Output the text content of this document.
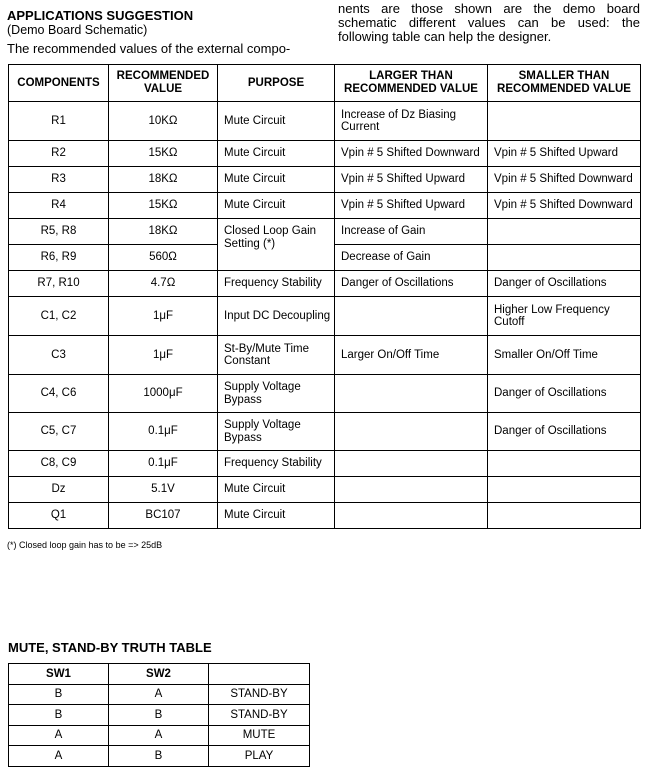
APPLICATIONS SUGGESTION
(Demo Board Schematic)
The recommended values of the external compo-
nents are those shown are the demo board schematic different values can be used: the following table can help the designer.
COMPONENTS	RECOMMENDED VALUE	PURPOSE	LARGER THAN RECOMMENDED VALUE	SMALLER THAN RECOMMENDED VALUE
R1	10KΩ	Mute Circuit	Increase of Dz Biasing Current	
R2	15KΩ	Mute Circuit	Vpin # 5 Shifted Downward	Vpin # 5 Shifted Upward
R3	18KΩ	Mute Circuit	Vpin # 5 Shifted Upward	Vpin # 5 Shifted Downward
R4	15KΩ	Mute Circuit	Vpin # 5 Shifted Upward	Vpin # 5 Shifted Downward
R5, R8	18KΩ	Closed Loop Gain Setting (*)	Increase of Gain	
R6, R9	560Ω		Decrease of Gain	
R7, R10	4.7Ω	Frequency Stability	Danger of Oscillations	Danger of Oscillations
C1, C2	1μF	Input DC Decoupling		Higher Low Frequency Cutoff
C3	1μF	St-By/Mute Time Constant	Larger On/Off Time	Smaller On/Off Time
C4, C6	1000μF	Supply Voltage Bypass		Danger of Oscillations
C5, C7	0.1μF	Supply Voltage Bypass		Danger of Oscillations
C8, C9	0.1μF	Frequency Stability		
Dz	5.1V	Mute Circuit		
Q1	BC107	Mute Circuit		
(*) Closed loop gain has to be => 25dB
MUTE, STAND-BY TRUTH TABLE
SW1	SW2	
B	A	STAND-BY
B	B	STAND-BY
A	A	MUTE
A	B	PLAY
